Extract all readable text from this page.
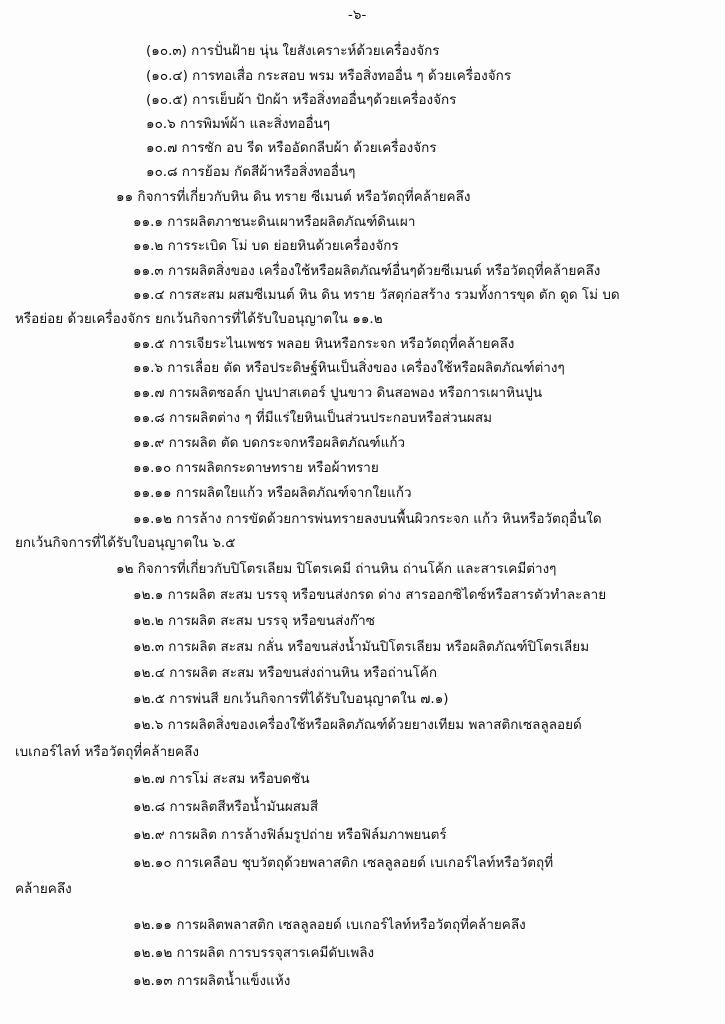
-๖-
(๑๐.๓) การปั่นฝ้าย นุ่น ใยสังเคราะห์ด้วยเครื่องจักร
(๑๐.๔) การทอเสื่อ กระสอบ พรม หรือสิ่งทออื่น ๆ ด้วยเครื่องจักร
(๑๐.๕) การเย็บผ้า ปักผ้า หรือสิ่งทออื่นๆด้วยเครื่องจักร
๑๐.๖ การพิมพ์ผ้า และสิ่งทออื่นๆ
๑๐.๗ การซัก อบ รีด หรืออัดกลีบผ้า ด้วยเครื่องจักร
๑๐.๘ การย้อม กัดสีผ้าหรือสิ่งทออื่นๆ
๑๑ กิจการที่เกี่ยวกับหิน ดิน ทราย ซีเมนต์ หรือวัตถุที่คล้ายคลึง
๑๑.๑ การผลิตภาชนะดินเผาหรือผลิตภัณฑ์ดินเผา
๑๑.๒ การระเบิด โม่ บด ย่อยหินด้วยเครื่องจักร
๑๑.๓ การผลิตสิ่งของ เครื่องใช้หรือผลิตภัณฑ์อื่นๆด้วยซีเมนต์ หรือวัตถุที่คล้ายคลึง
๑๑.๔ การสะสม ผสมซีเมนต์ หิน ดิน ทราย วัสดุก่อสร้าง รวมทั้งการขุด ตัก ดูด โม่ บด
หรือย่อย ด้วยเครื่องจักร ยกเว้นกิจการที่ได้รับใบอนุญาตใน ๑๑.๒
๑๑.๕ การเจียระไนเพชร พลอย หินหรือกระจก หรือวัตถุที่คล้ายคลึง
๑๑.๖ การเลื่อย ตัด หรือประดิษฐ์หินเป็นสิ่งของ เครื่องใช้หรือผลิตภัณฑ์ต่างๆ
๑๑.๗ การผลิตซอล์ก ปูนปาสเตอร์ ปูนขาว ดินสอพอง หรือการเผาหินปูน
๑๑.๘ การผลิตต่าง ๆ ที่มีแร่ใยหินเป็นส่วนประกอบหรือส่วนผสม
๑๑.๙ การผลิต ตัด บดกระจกหรือผลิตภัณฑ์แก้ว
๑๑.๑๐ การผลิตกระดาษทราย หรือผ้าทราย
๑๑.๑๑ การผลิตใยแก้ว หรือผลิตภัณฑ์จากใยแก้ว
๑๑.๑๒ การล้าง การขัดด้วยการพ่นทรายลงบนพื้นผิวกระจก แก้ว หินหรือวัตถุอื่นใด
ยกเว้นกิจการที่ได้รับใบอนุญาตใน ๖.๕
๑๒ กิจการที่เกี่ยวกับปิโตรเลียม ปิโตรเคมี ถ่านหิน ถ่านโค้ก และสารเคมีต่างๆ
๑๒.๑ การผลิต สะสม บรรจุ หรือขนส่งกรด ด่าง สารออกซิไดซ์หรือสารตัวทำละลาย
๑๒.๒ การผลิต สะสม บรรจุ หรือขนส่งก๊าซ
๑๒.๓ การผลิต สะสม กลั่น หรือขนส่งน้ำมันปิโตรเลียม หรือผลิตภัณฑ์ปิโตรเลียม
๑๒.๔ การผลิต สะสม หรือขนส่งถ่านหิน หรือถ่านโค้ก
๑๒.๕ การพ่นสี ยกเว้นกิจการที่ได้รับใบอนุญาตใน ๗.๑)
๑๒.๖ การผลิตสิ่งของเครื่องใช้หรือผลิตภัณฑ์ด้วยยางเทียม พลาสติกเซลลูลอยด์
เบเกอร์ไลท์ หรือวัตถุที่คล้ายคลึง
๑๒.๗ การโม่ สะสม หรือบดชัน
๑๒.๘ การผลิตสีหรือน้ำมันผสมสี
๑๒.๙ การผลิต การล้างฟิล์มรูปถ่าย หรือฟิล์มภาพยนตร์
๑๒.๑๐ การเคลือบ ชุบวัตถุด้วยพลาสติก เซลลูลอยด์ เบเกอร์ไลท์หรือวัตถุที่
คล้ายคลึง
๑๒.๑๑ การผลิตพลาสติก เซลลูลอยด์ เบเกอร์ไลท์หรือวัตถุที่คล้ายคลึง
๑๒.๑๒ การผลิต การบรรจุสารเคมีดับเพลิง
๑๒.๑๓ การผลิตน้ำแข็งแห้ง
